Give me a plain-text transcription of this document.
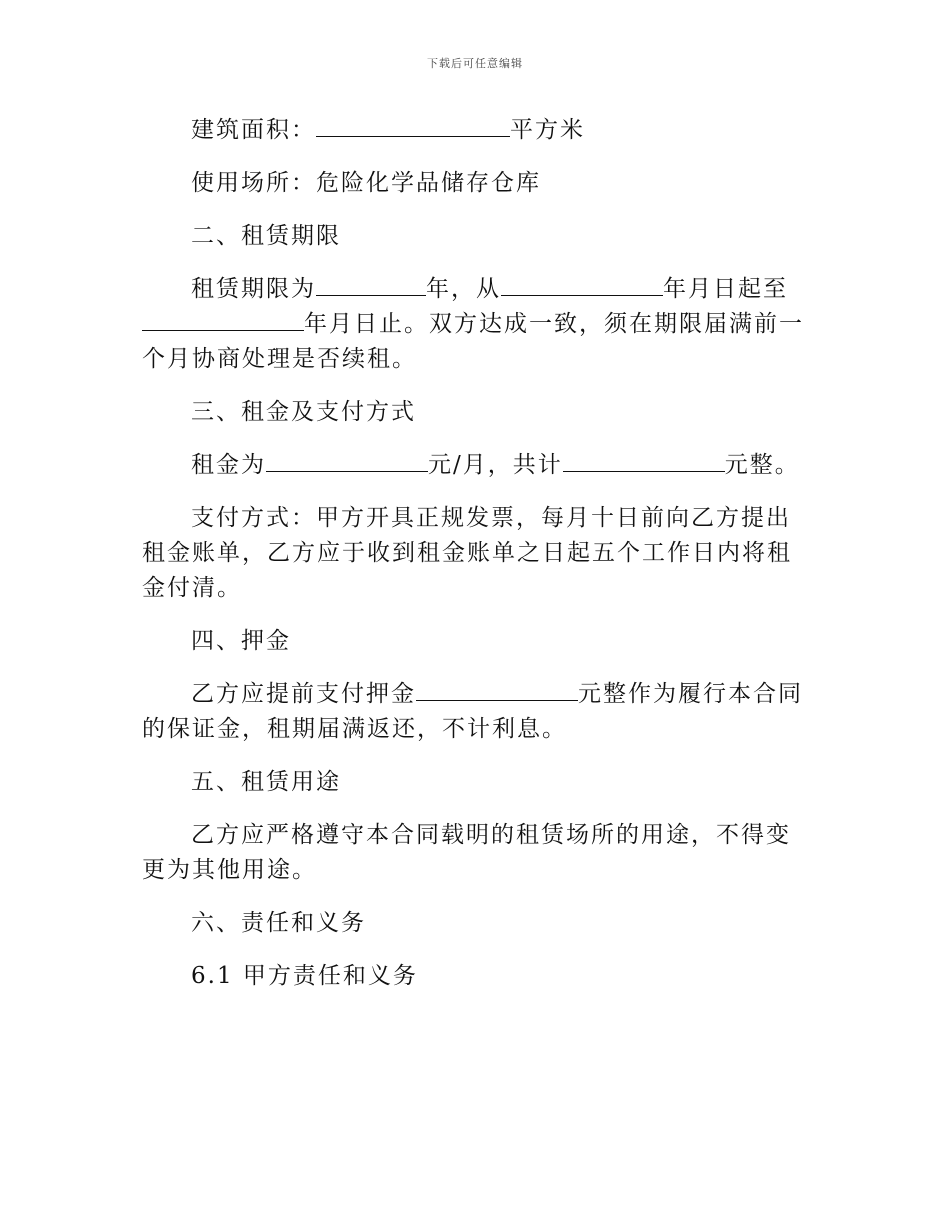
下载后可任意编辑

建筑面积：	平方米

使用场所：危险化学品储存仓库

二、租赁期限

租赁期限为	年，从	年月日起至年月日止。双方达成一致，须在期限届满前一个月协商处理是否续租。

三、租金及支付方式

租金为	元/月，共计	元整。

支付方式：甲方开具正规发票，每月十日前向乙方提出租金账单，乙方应于收到租金账单之日起五个工作日内将租金付清。

四、押金

乙方应提前支付押金	元整作为履行本合同的保证金，租期届满返还，不计利息。

五、租赁用途

乙方应严格遵守本合同载明的租赁场所的用途，不得变更为其他用途。

六、责任和义务

6.1 甲方责任和义务
